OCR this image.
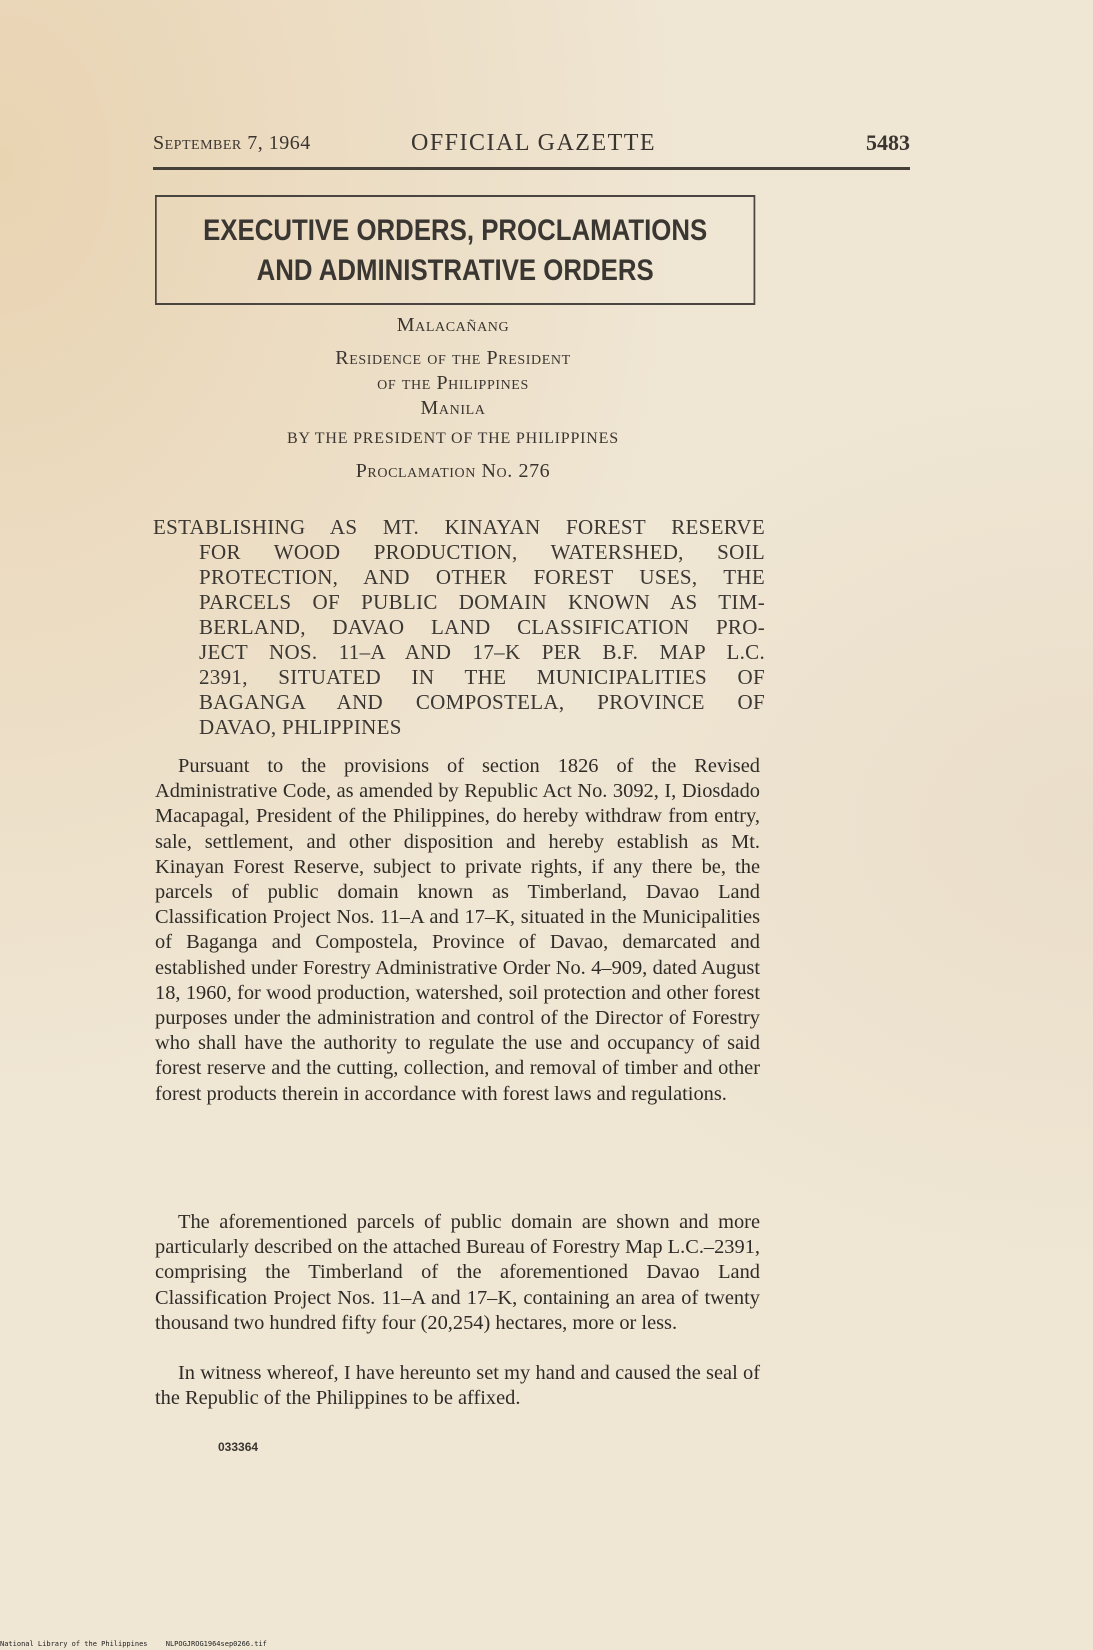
September 7, 1964	OFFICIAL GAZETTE	5483
EXECUTIVE ORDERS, PROCLAMATIONS
AND ADMINISTRATIVE ORDERS
Malacañang
Residence of the President
of the Philippines
Manila
BY THE PRESIDENT OF THE PHILIPPINES
Proclamation No. 276
ESTABLISHING AS MT. KINAYAN FOREST RESERVE
FOR WOOD PRODUCTION, WATERSHED, SOIL
PROTECTION, AND OTHER FOREST USES, THE
PARCELS OF PUBLIC DOMAIN KNOWN AS TIM-
BERLAND, DAVAO LAND CLASSIFICATION PRO-
JECT NOS. 11–A AND 17–K PER B.F. MAP L.C.
2391, SITUATED IN THE MUNICIPALITIES OF
BAGANGA AND COMPOSTELA, PROVINCE OF
DAVAO, PHLIPPINES

Pursuant to the provisions of section 1826 of the Revised Administrative Code, as amended by Republic Act No. 3092, I, Diosdado Macapagal, President of the Philippines, do hereby withdraw from entry, sale, settlement, and other disposition and hereby establish as Mt. Kinayan Forest Reserve, subject to private rights, if any there be, the parcels of public domain known as Timberland, Davao Land Classification Project Nos. 11–A and 17–K, situated in the Municipalities of Baganga and Compostela, Province of Davao, demarcated and established under Forestry Administrative Order No. 4–909, dated August 18, 1960, for wood production, watershed, soil protection and other forest purposes under the administration and control of the Director of Forestry who shall have the authority to regulate the use and occupancy of said forest reserve and the cutting, collection, and removal of timber and other forest products therein in accordance with forest laws and regulations.

The aforementioned parcels of public domain are shown and more particularly described on the attached Bureau of Forestry Map L.C.–2391, comprising the Timberland of the aforementioned Davao Land Classification Project Nos. 11–A and 17–K, containing an area of twenty thousand two hundred fifty four (20,254) hectares, more or less.

In witness whereof, I have hereunto set my hand and caused the seal of the Republic of the Philippines to be affixed.

033364
National Library of the Philippines	NLPOGJROG1964sep0266.tif
